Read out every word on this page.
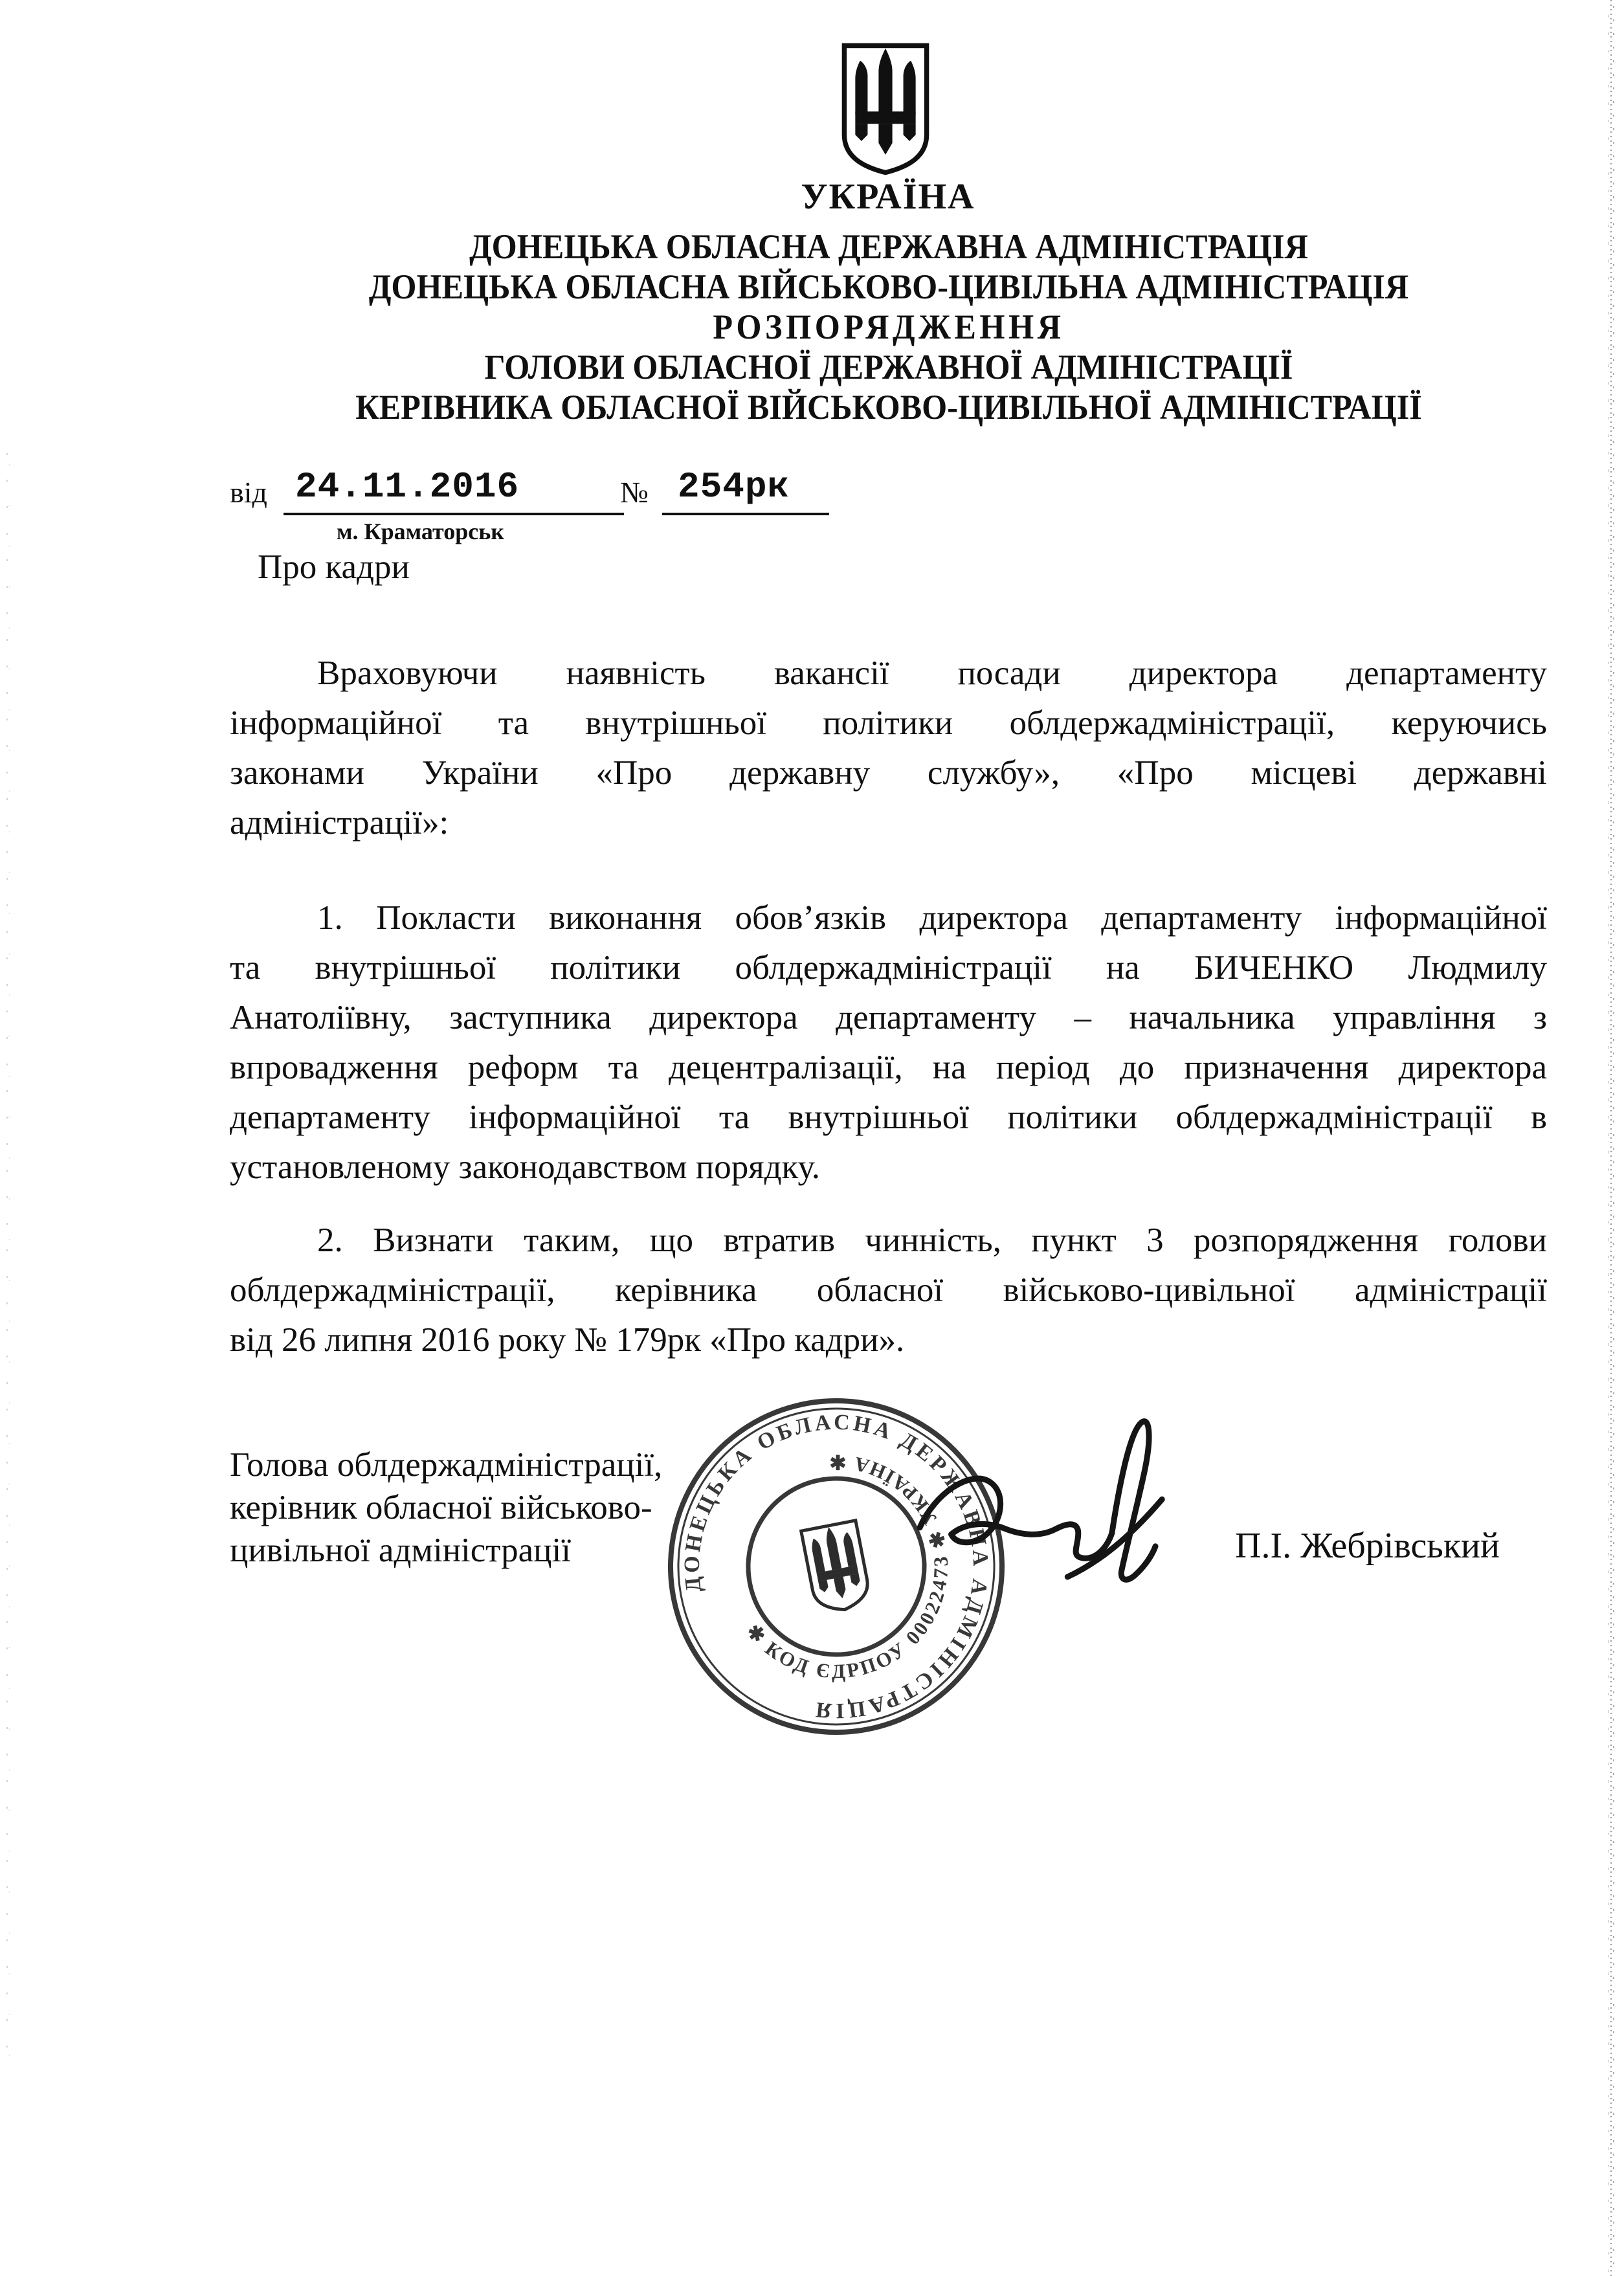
УКРАЇНА
ДОНЕЦЬКА ОБЛАСНА ДЕРЖАВНА АДМІНІСТРАЦІЯ
ДОНЕЦЬКА ОБЛАСНА ВІЙСЬКОВО-ЦИВІЛЬНА АДМІНІСТРАЦІЯ
РОЗПОРЯДЖЕННЯ
ГОЛОВИ ОБЛАСНОЇ ДЕРЖАВНОЇ АДМІНІСТРАЦІЇ
КЕРІВНИКА ОБЛАСНОЇ ВІЙСЬКОВО-ЦИВІЛЬНОЇ АДМІНІСТРАЦІЇ
від 24.11.2016	№ 254рк
м. Краматорськ
Про кадри
Враховуючи наявність вакансії посади директора департаменту
інформаційної та внутрішньої політики облдержадміністрації, керуючись
законами України «Про державну службу», «Про місцеві державні
адміністрації»:
1. Покласти виконання обов’язків директора департаменту інформаційної
та внутрішньої політики облдержадміністрації на БИЧЕНКО Людмилу
Анатоліївну, заступника директора департаменту – начальника управління з
впровадження реформ та децентралізації, на період до призначення директора
департаменту інформаційної та внутрішньої політики облдержадміністрації в
установленому законодавством порядку.
2. Визнати таким, що втратив чинність, пункт 3 розпорядження голови
облдержадміністрації, керівника обласної військово-цивільної адміністрації
від 26 липня 2016 року № 179рк «Про кадри».
Голова облдержадміністрації,
керівник обласної військово-
цивільної адміністрації	П.І. Жебрівський
ДОНЕЦЬКА ОБЛАСНА ДЕРЖАВНА АДМІНІСТРАЦІЯ
✱ КОД ЄДРПОУ 00022473 ✱ УКРАЇНА ✱
